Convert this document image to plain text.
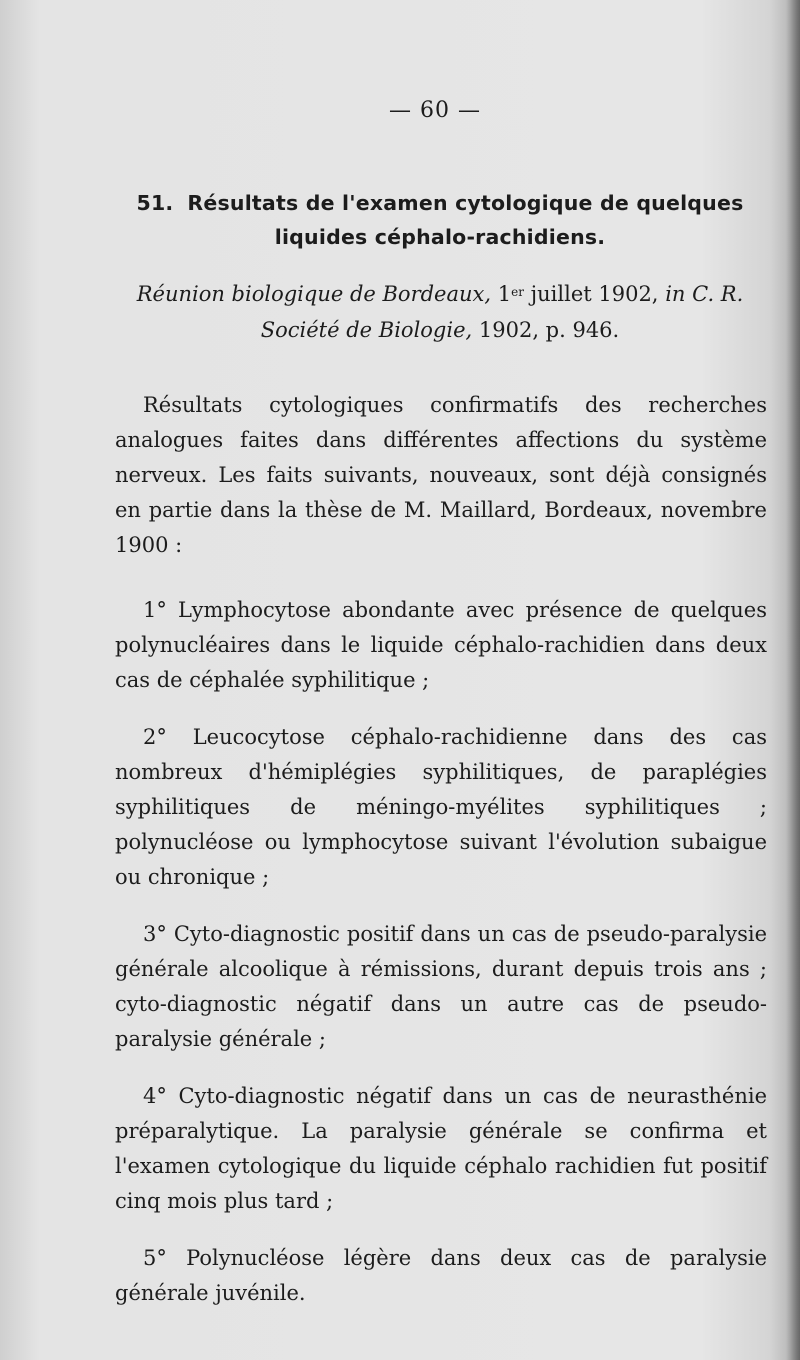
— 60 —
51. Résultats de l'examen cytologique de quelques liquides céphalo-rachidiens.
Réunion biologique de Bordeaux, 1er juillet 1902, in C. R. Société de Biologie, 1902, p. 946.

Résultats cytologiques confirmatifs des recherches analogues faites dans différentes affections du système nerveux. Les faits suivants, nouveaux, sont déjà consignés en partie dans la thèse de M. Maillard, Bordeaux, novembre 1900 :

1° Lymphocytose abondante avec présence de quelques polynucléaires dans le liquide céphalo-rachidien dans deux cas de céphalée syphilitique ;

2° Leucocytose céphalo-rachidienne dans des cas nombreux d'hémiplégies syphilitiques, de paraplégies syphilitiques de méningo-myélites syphilitiques ; polynucléose ou lymphocytose suivant l'évolution subaigue ou chronique ;

3° Cyto-diagnostic positif dans un cas de pseudo-paralysie générale alcoolique à rémissions, durant depuis trois ans ; cyto-diagnostic négatif dans un autre cas de pseudo-paralysie générale ;

4° Cyto-diagnostic négatif dans un cas de neurasthénie préparalytique. La paralysie générale se confirma et l'examen cytologique du liquide céphalo rachidien fut positif cinq mois plus tard ;

5° Polynucléose légère dans deux cas de paralysie générale juvénile.
